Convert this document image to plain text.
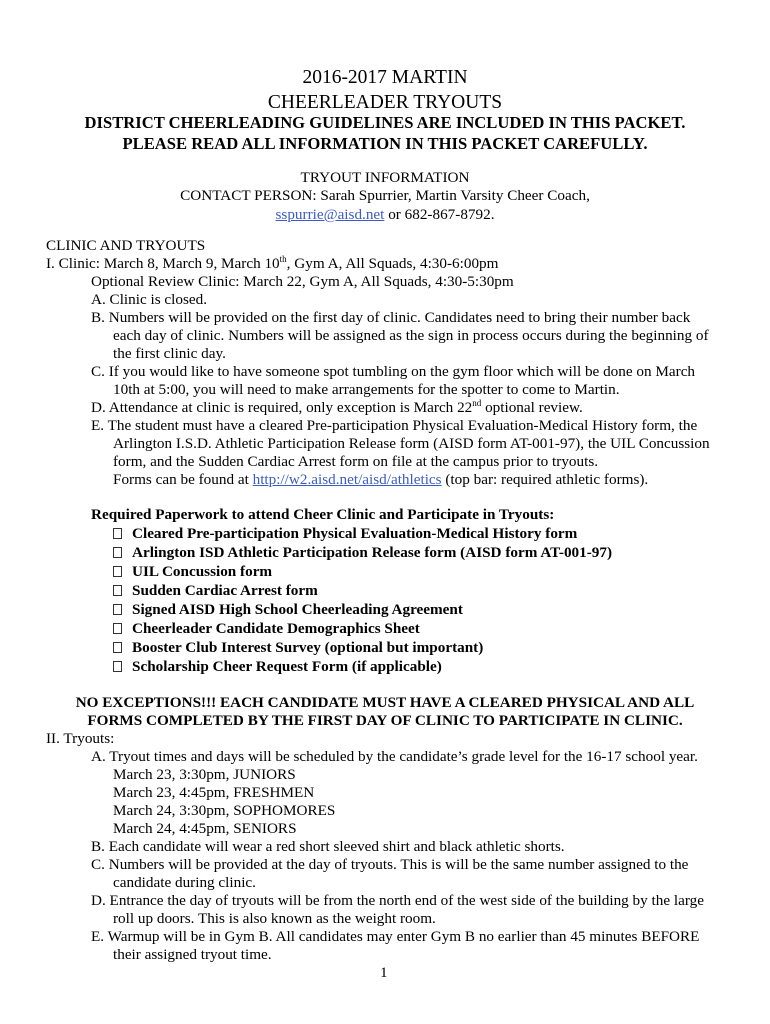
2016-2017 MARTIN
CHEERLEADER TRYOUTS
DISTRICT CHEERLEADING GUIDELINES ARE INCLUDED IN THIS PACKET.
PLEASE READ ALL INFORMATION IN THIS PACKET CAREFULLY.
TRYOUT INFORMATION
CONTACT PERSON: Sarah Spurrier, Martin Varsity Cheer Coach,
sspurrie@aisd.net or 682-867-8792.
CLINIC AND TRYOUTS
I. Clinic: March 8, March 9, March 10th, Gym A, All Squads, 4:30-6:00pm
Optional Review Clinic: March 22, Gym A, All Squads, 4:30-5:30pm
A. Clinic is closed.
B. Numbers will be provided on the first day of clinic. Candidates need to bring their number back
each day of clinic. Numbers will be assigned as the sign in process occurs during the beginning of
the first clinic day.
C. If you would like to have someone spot tumbling on the gym floor which will be done on March
10th at 5:00, you will need to make arrangements for the spotter to come to Martin.
D. Attendance at clinic is required, only exception is March 22nd optional review.
E. The student must have a cleared Pre-participation Physical Evaluation-Medical History form, the
Arlington I.S.D. Athletic Participation Release form (AISD form AT-001-97), the UIL Concussion
form, and the Sudden Cardiac Arrest form on file at the campus prior to tryouts.
Forms can be found at http://w2.aisd.net/aisd/athletics (top bar: required athletic forms).
Required Paperwork to attend Cheer Clinic and Participate in Tryouts:
Cleared Pre-participation Physical Evaluation-Medical History form
Arlington ISD Athletic Participation Release form (AISD form AT-001-97)
UIL Concussion form
Sudden Cardiac Arrest form
Signed AISD High School Cheerleading Agreement
Cheerleader Candidate Demographics Sheet
Booster Club Interest Survey (optional but important)
Scholarship Cheer Request Form (if applicable)
NO EXCEPTIONS!!! EACH CANDIDATE MUST HAVE A CLEARED PHYSICAL AND ALL
FORMS COMPLETED BY THE FIRST DAY OF CLINIC TO PARTICIPATE IN CLINIC.
II. Tryouts:
A. Tryout times and days will be scheduled by the candidate’s grade level for the 16-17 school year.
March 23, 3:30pm, JUNIORS
March 23, 4:45pm, FRESHMEN
March 24, 3:30pm, SOPHOMORES
March 24, 4:45pm, SENIORS
B. Each candidate will wear a red short sleeved shirt and black athletic shorts.
C. Numbers will be provided at the day of tryouts. This is will be the same number assigned to the
candidate during clinic.
D. Entrance the day of tryouts will be from the north end of the west side of the building by the large
roll up doors. This is also known as the weight room.
E. Warmup will be in Gym B. All candidates may enter Gym B no earlier than 45 minutes BEFORE
their assigned tryout time.
1
